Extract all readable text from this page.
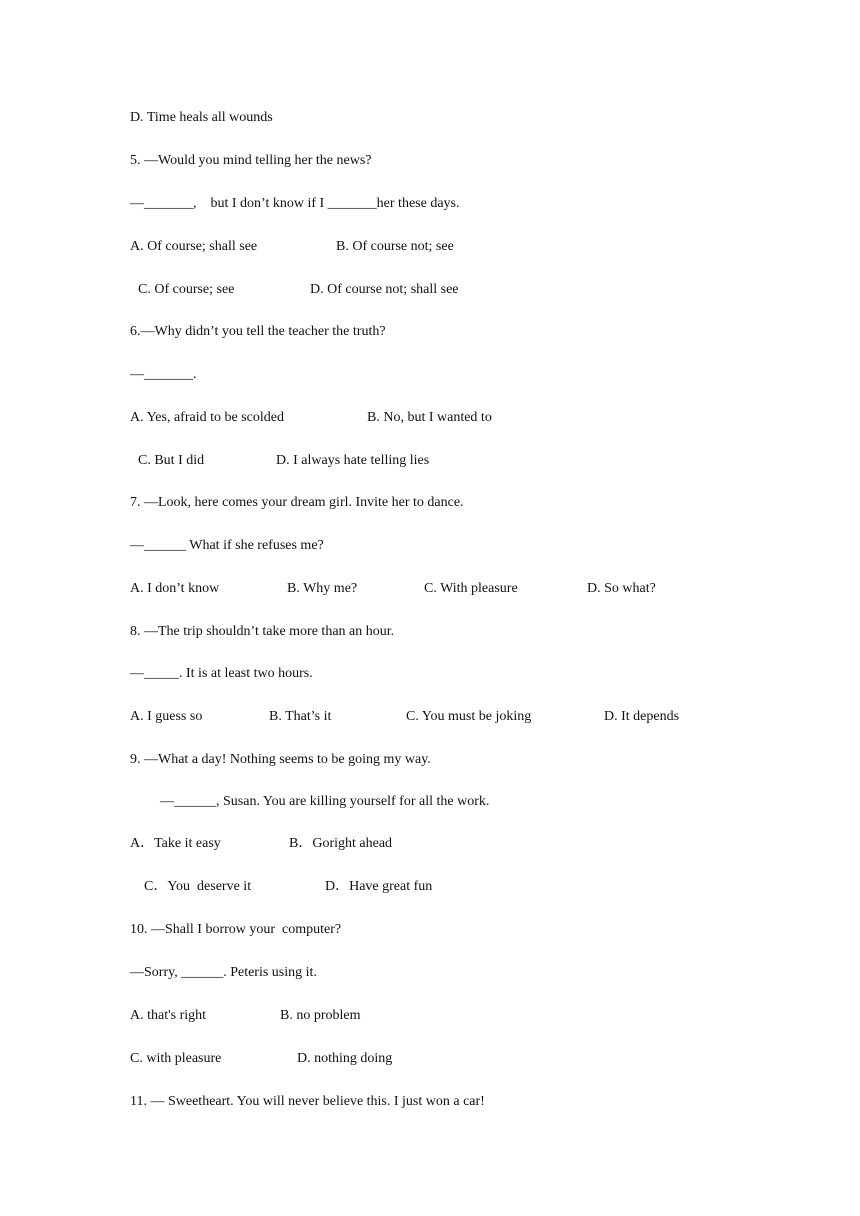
D. Time heals all wounds
5. —Would you mind telling her the news?
—_______,    but I don’t know if I _______her these days.

A. Of course; shall see

	B. Of course not; see

C. Of course; see

	D. Of course not; shall see

6.—Why didn’t you tell the teacher the truth?
—_______.

A. Yes, afraid to be scolded

	B. No, but I wanted to

C. But I did

	D. I always hate telling lies

7. —Look, here comes your dream girl. Invite her to dance.
—______ What if she refuses me?

A. I don’t know

	B. Why me?

	C. With pleasure

	D. So what?

8. —The trip shouldn’t take more than an hour.
—_____. It is at least two hours.

A. I guess so

	B. That’s it

	C. You must be joking

	D. It depends

9. —What a day! Nothing seems to be going my way.
—______, Susan. You are killing yourself for all the work.

A．Take it easy

	B．Goright ahead

C．You  deserve it

	D．Have great fun

10. —Shall I borrow your  computer?
—Sorry, ______. Peteris using it.

A. that's right

	B. no problem

C. with pleasure

	D. nothing doing

11. — Sweetheart. You will never believe this. I just won a car!
